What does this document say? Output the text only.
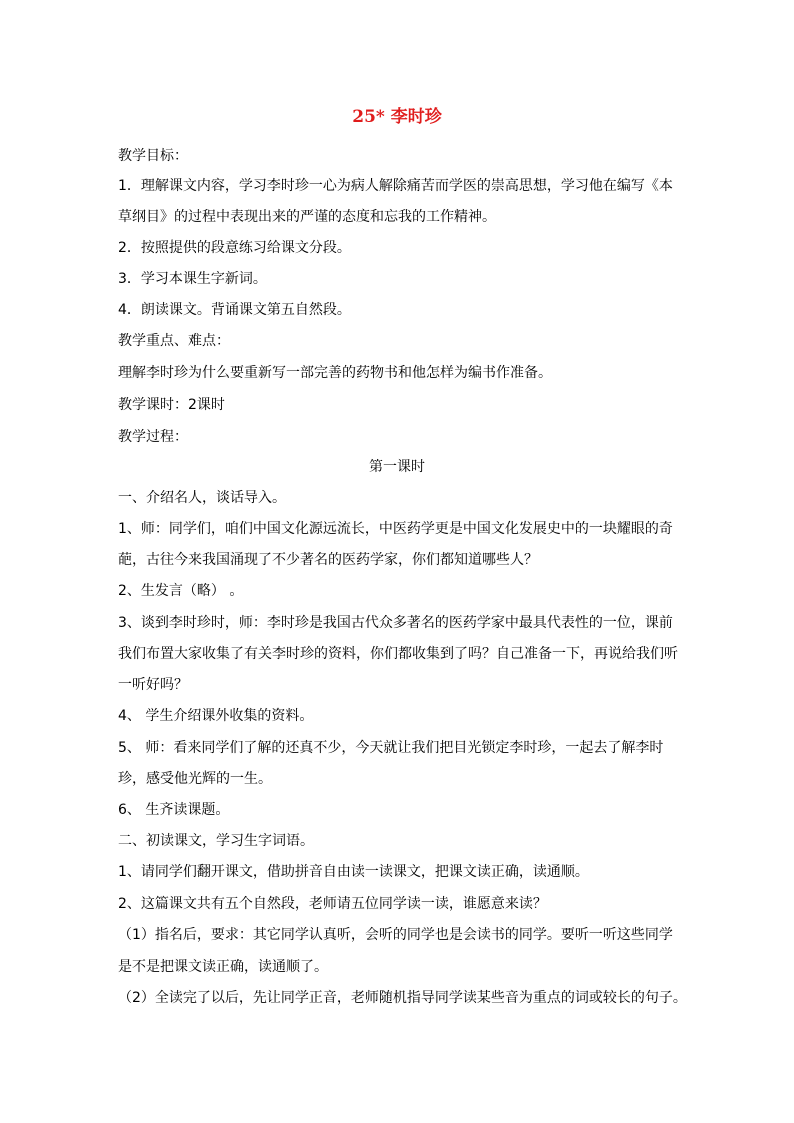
25* 李时珍
教学目标：
1．理解课文内容，学习李时珍一心为病人解除痛苦而学医的崇高思想，学习他在编写《本
草纲目》的过程中表现出来的严谨的态度和忘我的工作精神。
2．按照提供的段意练习给课文分段。
3．学习本课生字新词。
4．朗读课文。背诵课文第五自然段。
教学重点、难点：
理解李时珍为什么要重新写一部完善的药物书和他怎样为编书作准备。
教学课时：2课时
教学过程：
第一课时
一、介绍名人，谈话导入。
1、师：同学们，咱们中国文化源远流长，中医药学更是中国文化发展史中的一块耀眼的奇
葩，古往今来我国涌现了不少著名的医药学家，你们都知道哪些人？
2、生发言（略） 。
3、谈到李时珍时，师：李时珍是我国古代众多著名的医药学家中最具代表性的一位，课前
我们布置大家收集了有关李时珍的资料，你们都收集到了吗？自己准备一下，再说给我们听
一听好吗？
4、 学生介绍课外收集的资料。
5、 师：看来同学们了解的还真不少，今天就让我们把目光锁定李时珍，一起去了解李时
珍，感受他光辉的一生。
6、 生齐读课题。
二、初读课文，学习生字词语。
1、请同学们翻开课文，借助拼音自由读一读课文，把课文读正确，读通顺。
2、这篇课文共有五个自然段，老师请五位同学读一读，谁愿意来读？
（1）指名后，要求：其它同学认真听，会听的同学也是会读书的同学。要听一听这些同学
是不是把课文读正确，读通顺了。
（2）全读完了以后，先让同学正音，老师随机指导同学读某些音为重点的词或较长的句子。
